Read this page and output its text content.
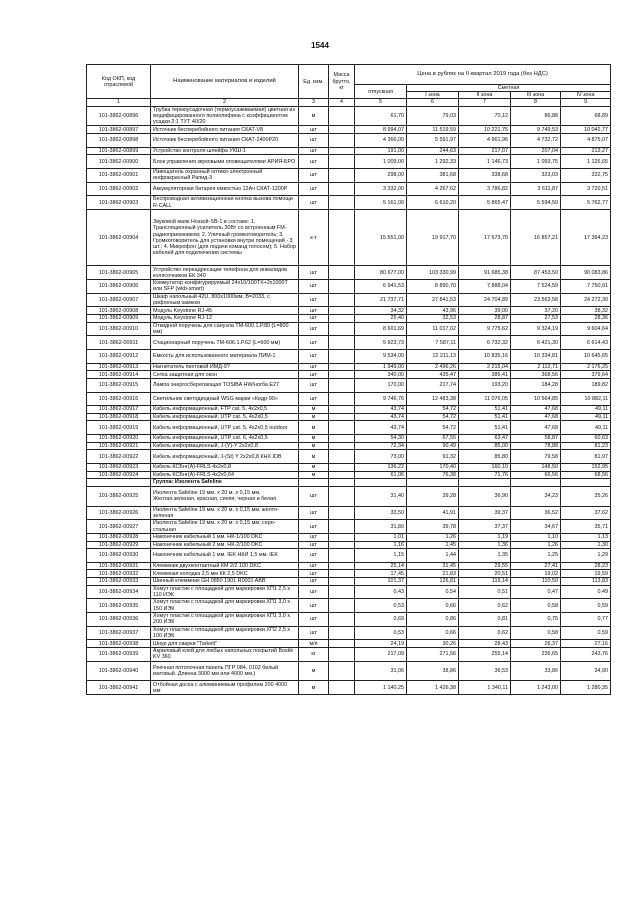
1544
Код ОКП, код отраслевой	Наименование материалов и изделий	Ед. изм.	Масса брутто, кг	Цена в рублях на II квартал 2019 года (без НДС)				
				отпускная	Сметная			
					I зона	II зона	III зона	IV зона
1	2	3	4	5	6	7	8	9
101-3862-00896	Трубка термоусадочная (термоусаживаемая) цветная из модифицированного полиолефина с коэффициентом усадки 2:1 ТУТ 40/20	м		61,70	79,03	70,12	86,88	68,89
101-3862-00897	Источник бесперебойного питания СКАТ-V8	шт		8 994,07	11 519,59	10 221,75	9 749,53	10 042,77
101-3862-00898	Источник бесперебойного питания СКАТ-2400Р20	шт		4 366,00	5 591,97	4 961,96	4 732,72	4 875,07
101-3862-00899	Устройство контроля шлейфа УКШ-1	шт		191,00	244,63	217,07	207,04	213,27
101-3862-00900	Блок управления звуковыми оповещателями АРИЯ-БРО	шт		1 009,00	1 292,33	1 146,73	1 093,75	1 126,65
101-3862-00901	Извещатель охранный оптико-электронный инфракрасный Рапид-3	шт		298,00	381,68	338,68	323,03	332,75
101-3862-00902	Аккумуляторная батарея емкостью 12Ач СКАТ-1200Р	шт		3 332,00	4 267,62	3 786,82	3 611,87	3 720,51
101-3862-00903	Беспроводная активизационная кнопка вызова помощи R-CALL	шт		5 161,00	6 610,20	5 865,47	5 594,50	5 762,77
101-3862-00904	Звуковой маяк Ноззой-SB-1 в составе: 1. Трансляционный усилитель 30Вт со встроенным FM- радиоприемником; 2. Уличный громкоговоритель; 3. Громкоговоритель для установки внутри помещений - 3 шт.; 4. Микрофон (для подачи команд голосом); 5. Набор кабелей для подключения системы	к-т		15 551,00	19 917,70	17 673,70	16 857,21	17 364,23
101-3862-00905	Устройство переадресации телефона для инвалидов колясочников ЕК 340	шт		80 677,00	103 330,99	91 685,38	87 453,50	90 083,86
101-3862-00906	Коммутатор конфигурируемый 24x10/100TX+2x1000T или SFP (wkb-smart)	шт		6 941,53	8 890,70	7 888,04	7 524,59	7 750,91
101-3862-00907	Шкаф напольный 42U, 800x1000мм, В=2033, с рифленым замком	шт		21 737,71	27 841,53	24 704,89	23 563,58	24 272,30
101-3862-00908	Модуль Keystone RJ-45	шт		34,32	43,96	39,00	37,20	38,32
101-3862-00909	Модуль Keystone RJ-12	шт		25,40	32,53	28,87	27,53	28,36
101-3862-00910	Откидной поручень для санузла ТМ-600.1.Р.80 (L=800 мм)	шт		8 601,69	11 017,02	9 775,62	9 324,19	9 604,64
101-3862-00911	Стационарный поручень ТМ-606.1.Р.62 (L=600 мм)	шт		5 923,73	7 587,11	6 732,32	6 421,30	6 614,43
101-3862-00912	Емкость для использованного материала ПИМ-1	шт		9 534,00	12 211,13	10 835,16	10 334,81	10 645,65
101-3862-00913	Нагнетатель пихтовой ИМД-9?	шт		1 949,00	2 496,26	2 215,04	2 112,71	2 176,25
101-3862-00914	Сетка защитная для окон	шт		340,00	435,47	386,41	368,56	379,64
101-3862-00915	Лампа энергосберегающая TOSIBA HW/ногба Е27	шт		170,00	217,74	193,20	184,28	189,82
101-3862-00916	Светильник светодиодный WSG марки «Кедр-90»	шт		9 746,76	12 483,38	11 076,05	10 564,85	10 882,11
101-3862-00917	Кабель информационный, FTP cat. 5, 4x2x0,5	м		43,74	54,72	51,41	47,68	49,11
101-3862-00918	Кабель информационный, UTP cat. 5, 4x2x0,5	м		43,74	54,72	51,41	47,68	49,11
101-3862-00919	Кабель информационный, UTP cat. 5, 4x2x0,5 outdoor	м		43,74	54,72	51,41	47,68	49,11
101-3862-00920	Кабель информационный, UTP cat. 6, 4x2x0,5	м		54,30	67,55	63,47	58,87	60,63
101-3862-00921	Кабель информационный, J-(Y)-Y 2x2x0,8	м		72,34	90,49	85,00	78,88	81,23
101-3862-00922	Кабель информационный, J-(St) Y 2x2x0,8 КНХ IDB	м		73,00	91,32	85,80	79,58	81,97
101-3862-00923	Кабель КСБнг(А)-FRLS 4x2x0,8	м		136,22	170,40	160,10	148,50	152,95
101-3862-00924	Кабель КСБнг(А)-FRLS 4x2x0,64	м		61,06	76,38	71,76	66,56	68,56
	Группа: Изолента Safeline							
101-3862-00925	Изолента Safeline 19 мм. х 20 м. х 0,15 мм. Желтая,зеленая, красная, синяя, черная и белая	шт		31,40	39,28	36,90	34,23	35,26
101-3862-00926	Изолента Safeline 19 мм. х 20 м. х 0,15 мм. желто-зеленая	шт		33,50	41,91	39,37	36,52	37,62
101-3862-00927	Изолента Safeline 19 мм. х 20 м. х 0,15 мм. серо-стальная	шт		31,80	39,78	37,37	34,67	35,71
101-3862-00928	Наконечник кабельный 1 мм. НК-1/100 DKC	шт		1,01	1,26	1,19	1,10	1,13
101-3862-00929	Наконечник кабельный 2 мм. НК-2/100 DKC	шт		1,16	1,45	1,36	1,26	1,30
101-3862-00930	Наконечник кабельный 1 мм. IEK НКИ 1,5 мм. IEK	шт		1,15	1,44	1,35	1,25	1,29
101-3862-00931	Клеммник двухконтактный КМ 2/2 100 DKC	шт		25,14	31,45	29,55	27,41	28,23
101-3862-00932	Клеммная колодка 2,5 мм КК 2,5 DKC	шт		17,45	21,83	20,51	19,02	19,59
101-3862-00933	Шинный клеммник GH 0850 1901 R0001 ABB	шт		101,37	126,81	119,14	110,50	113,83
101-3862-00934	Хомут пластик с площадкой для маркировки ХП1 2,5 х 110 ИЭК	шт		0,43	0,54	0,51	0,47	0,49
101-3862-00935	Хомут пластик с площадкой для маркировки ХП1 3,0 х 150 ИЭК	шт		0,53	0,66	0,62	0,58	0,59
101-3862-00936	Хомут пластик с площадкой для маркировки ХП1 3,0 х 200 ИЭК	шт		0,69	0,86	0,81	0,75	0,77
101-3862-00937	Хомут пластик с площадкой для маркировки ХП2 2,5 х 100 ИЭК	шт		0,53	0,66	0,62	0,58	0,59
101-3862-00938	Шнур для сварки "Tarkett"	м/п		24,19	30,26	28,43	26,37	27,16
101-3862-00939	Акриловый клей для любых напольных покрытий Bostik KV 360	кг		217,09	271,56	255,14	236,65	243,76
101-3862-00940	Реечная потолочная панель ПГР 084, 0102 белый матовый. Длинна 3000 мм или 4000 мм.)	м		31,06	38,86	36,53	33,86	34,90
101-3862-00941	Отбойная доска с алюминиевым профилем 200 4000 мм	м		1 140,25	1 426,38	1 340,11	1 243,00	1 280,35
